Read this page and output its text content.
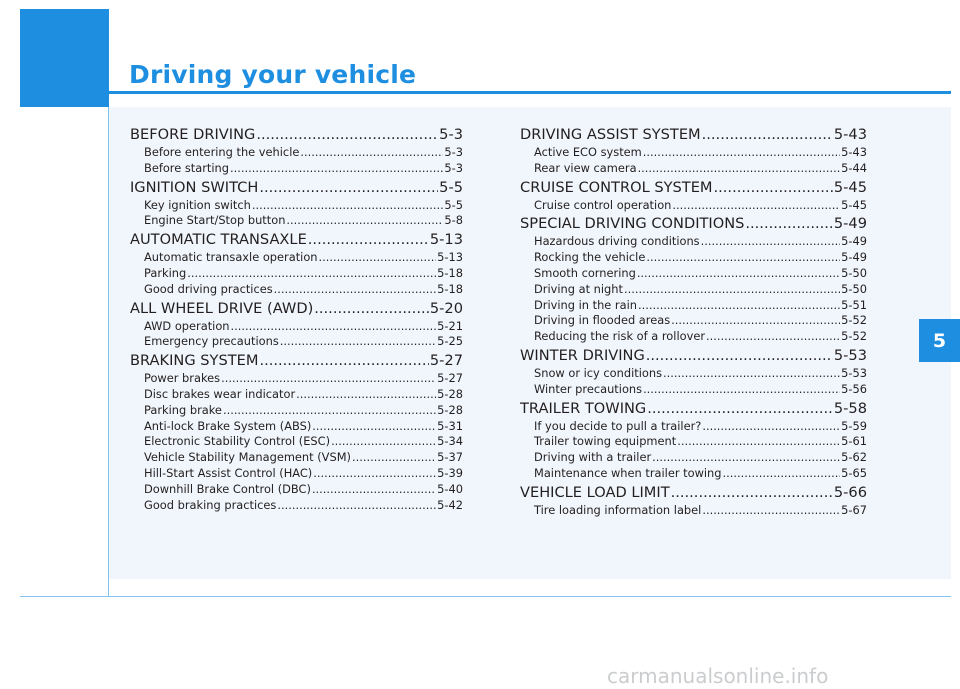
Driving your vehicle
5
BEFORE DRIVING .....	5-3
Before entering the vehicle .....	5-3
Before starting .....	5-3
IGNITION SWITCH .....	5-5
Key ignition switch .....	5-5
Engine Start/Stop button .....	5-8
AUTOMATIC TRANSAXLE .....	5-13
Automatic transaxle operation .....	5-13
Parking .....	5-18
Good driving practices .....	5-18
ALL WHEEL DRIVE (AWD) .....	5-20
AWD operation .....	5-21
Emergency precautions .....	5-25
BRAKING SYSTEM .....	5-27
Power brakes .....	5-27
Disc brakes wear indicator .....	5-28
Parking brake .....	5-28
Anti-lock Brake System (ABS) .....	5-31
Electronic Stability Control (ESC) .....	5-34
Vehicle Stability Management (VSM) .....	5-37
Hill-Start Assist Control (HAC) .....	5-39
Downhill Brake Control (DBC) .....	5-40
Good braking practices .....	5-42
DRIVING ASSIST SYSTEM .....	5-43
Active ECO system .....	5-43
Rear view camera .....	5-44
CRUISE CONTROL SYSTEM .....	5-45
Cruise control operation .....	5-45
SPECIAL DRIVING CONDITIONS .....	5-49
Hazardous driving conditions .....	5-49
Rocking the vehicle .....	5-49
Smooth cornering .....	5-50
Driving at night .....	5-50
Driving in the rain .....	5-51
Driving in flooded areas .....	5-52
Reducing the risk of a rollover .....	5-52
WINTER DRIVING .....	5-53
Snow or icy conditions .....	5-53
Winter precautions .....	5-56
TRAILER TOWING .....	5-58
If you decide to pull a trailer? .....	5-59
Trailer towing equipment .....	5-61
Driving with a trailer .....	5-62
Maintenance when trailer towing .....	5-65
VEHICLE LOAD LIMIT .....	5-66
Tire loading information label .....	5-67
carmanualsonline.info
